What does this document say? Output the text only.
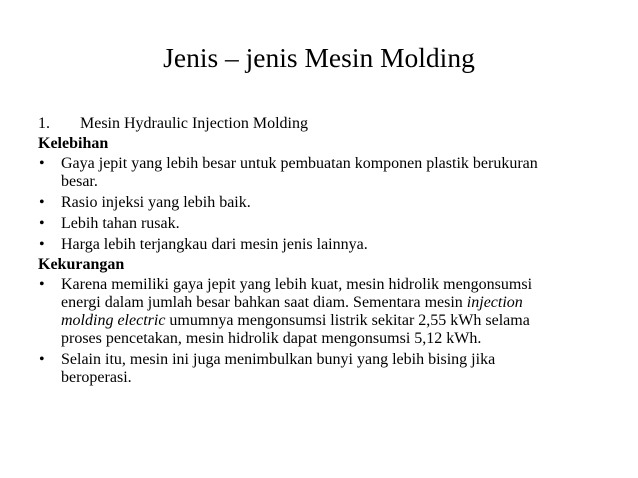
Jenis – jenis Mesin Molding
1. Mesin Hydraulic Injection Molding
Kelebihan
• Gaya jepit yang lebih besar untuk pembuatan komponen plastik berukuran
besar.
• Rasio injeksi yang lebih baik.
• Lebih tahan rusak.
• Harga lebih terjangkau dari mesin jenis lainnya.
Kekurangan
• Karena memiliki gaya jepit yang lebih kuat, mesin hidrolik mengonsumsi
energi dalam jumlah besar bahkan saat diam. Sementara mesin injection
molding electric umumnya mengonsumsi listrik sekitar 2,55 kWh selama
proses pencetakan, mesin hidrolik dapat mengonsumsi 5,12 kWh.
• Selain itu, mesin ini juga menimbulkan bunyi yang lebih bising jika
beroperasi.
